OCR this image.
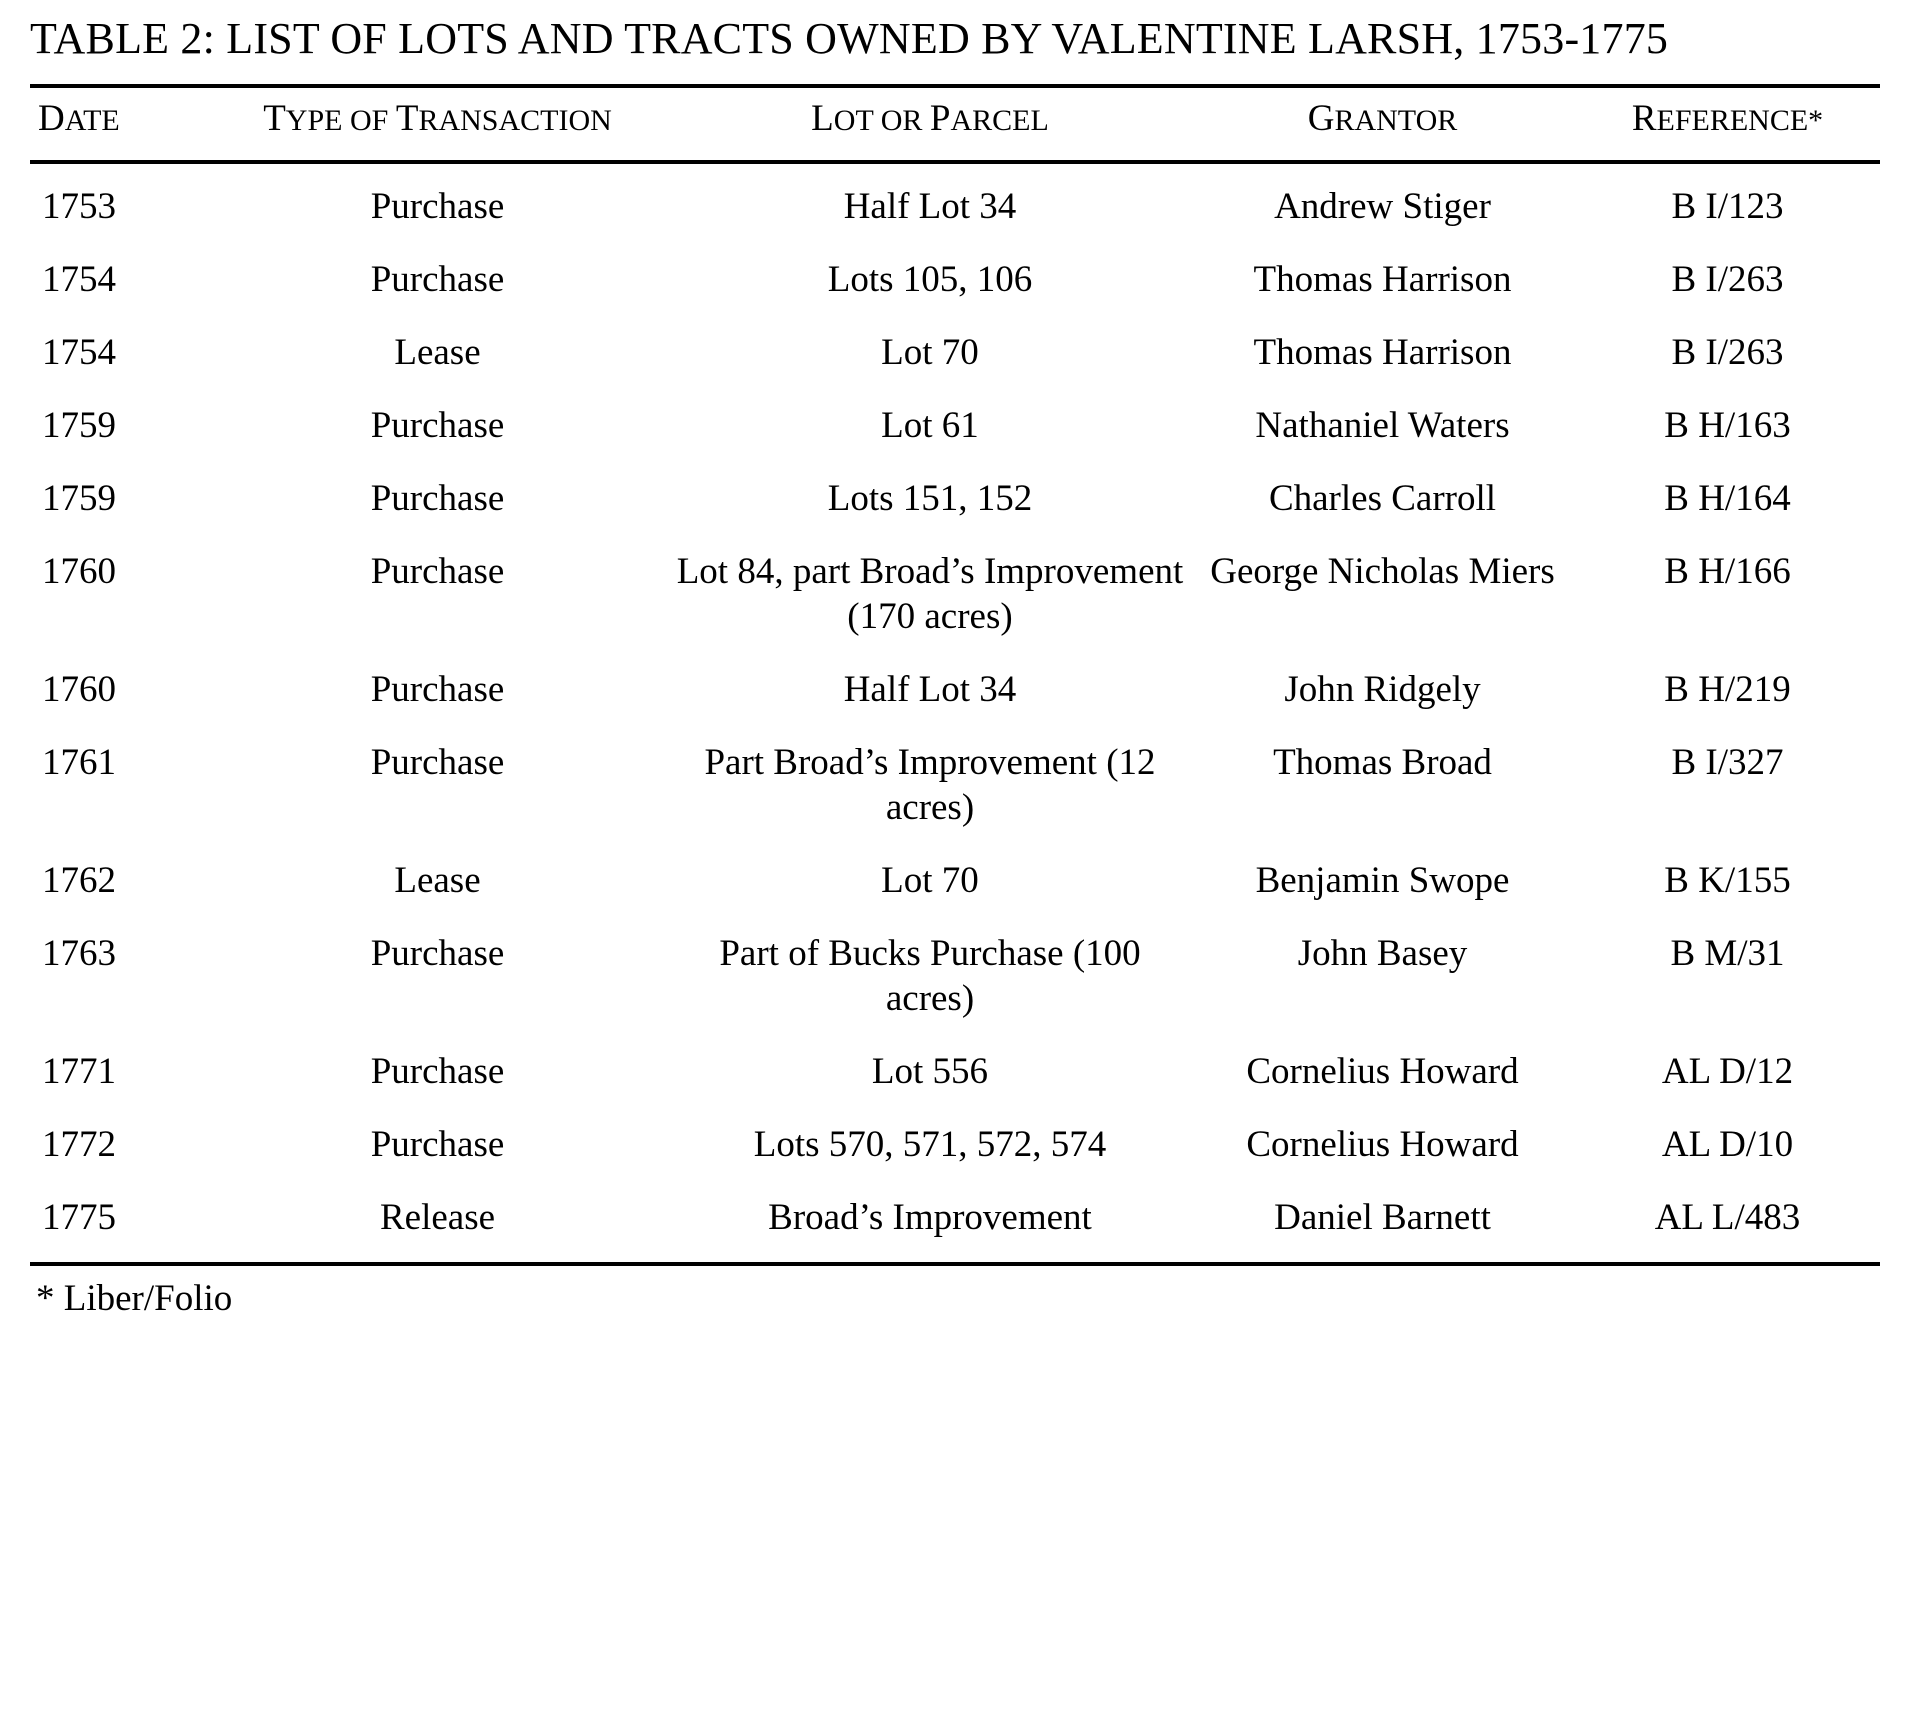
TABLE 2: LIST OF LOTS AND TRACTS OWNED BY VALENTINE LARSH, 1753-1775
DATE	TYPE OF TRANSACTION	LOT OR PARCEL	GRANTOR	REFERENCE*
1753	Purchase	Half Lot 34	Andrew Stiger	B I/123
1754	Purchase	Lots 105, 106	Thomas Harrison	B I/263
1754	Lease	Lot 70	Thomas Harrison	B I/263
1759	Purchase	Lot 61	Nathaniel Waters	B H/163
1759	Purchase	Lots 151, 152	Charles Carroll	B H/164
1760	Purchase	Lot 84, part Broad’s Improvement (170 acres)	George Nicholas Miers	B H/166
1760	Purchase	Half Lot 34	John Ridgely	B H/219
1761	Purchase	Part Broad’s Improvement (12 acres)	Thomas Broad	B I/327
1762	Lease	Lot 70	Benjamin Swope	B K/155
1763	Purchase	Part of Bucks Purchase (100 acres)	John Basey	B M/31
1771	Purchase	Lot 556	Cornelius Howard	AL D/12
1772	Purchase	Lots 570, 571, 572, 574	Cornelius Howard	AL D/10
1775	Release	Broad’s Improvement	Daniel Barnett	AL L/483
* Liber/Folio
